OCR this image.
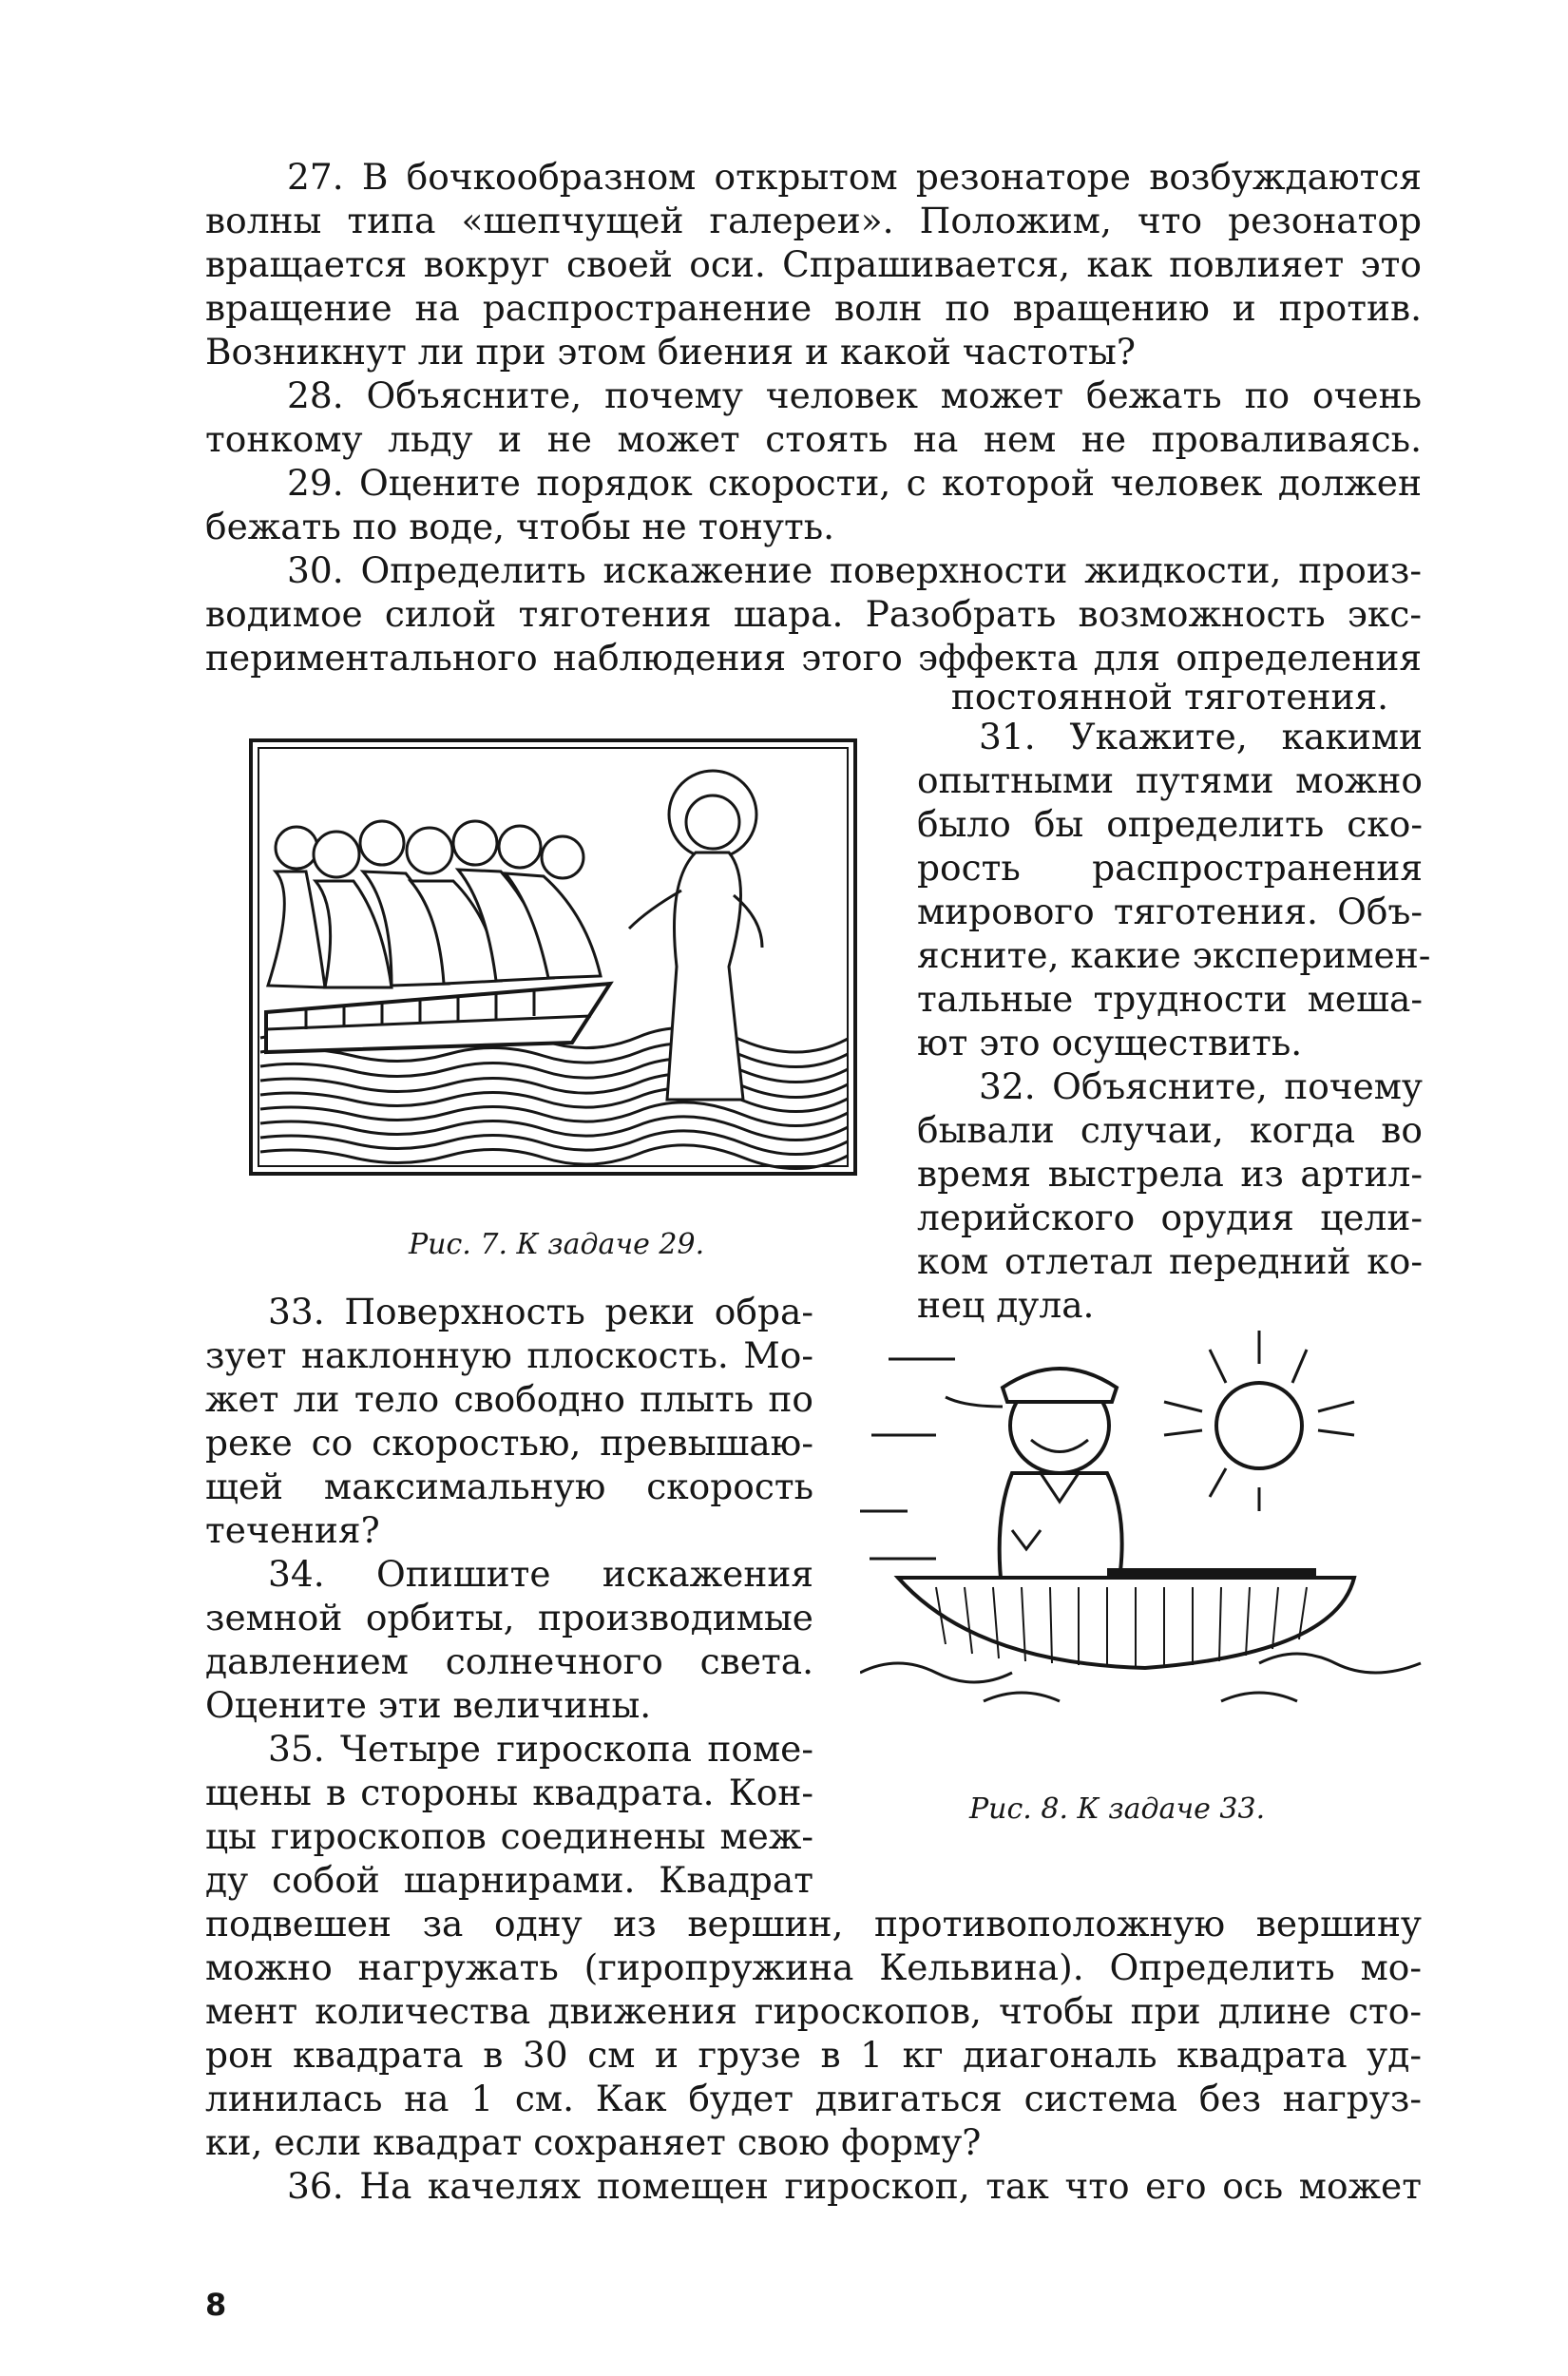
27. В бочкообразном открытом резонаторе возбуждаются
волны типа «шепчущей галереи». Положим, что резонатор
вращается вокруг своей оси. Спрашивается, как повлияет это
вращение на распространение волн по вращению и против.
Возникнут ли при этом биения и какой частоты?
28. Объясните, почему человек может бежать по очень
тонкому льду и не может стоять на нем не проваливаясь.
29. Оцените порядок скорости, с которой человек должен
бежать по воде, чтобы не тонуть.
30. Определить искажение поверхности жидкости, произ-
водимое силой тяготения шара. Разобрать возможность экс-
периментального наблюдения этого эффекта для определения
постоянной тяготения.
Рис. 7. К задаче 29.
31. Укажите, какими
опытными путями можно
было бы определить ско-
рость распространения
мирового тяготения. Объ-
ясните, какие эксперимен-
тальные трудности меша-
ют это осуществить.
32. Объясните, почему
бывали случаи, когда во
время выстрела из артил-
лерийского орудия цели-
ком отлетал передний ко-
нец дула.
33. Поверхность реки обра-
зует наклонную плоскость. Мо-
жет ли тело свободно плыть по
реке со скоростью, превышаю-
щей максимальную скорость
течения?
34. Опишите искажения
земной орбиты, производимые
давлением солнечного света.
Оцените эти величины.
Рис. 8. К задаче 33.
35. Четыре гироскопа поме-
щены в стороны квадрата. Кон-
цы гироскопов соединены меж-
ду собой шарнирами. Квадрат
подвешен за одну из вершин, противоположную вершину
можно нагружать (гиропружина Кельвина). Определить мо-
мент количества движения гироскопов, чтобы при длине сто-
рон квадрата в 30 см и грузе в 1 кг диагональ квадрата уд-
линилась на 1 см. Как будет двигаться система без нагруз-
ки, если квадрат сохраняет свою форму?
36. На качелях помещен гироскоп, так что его ось может
8
